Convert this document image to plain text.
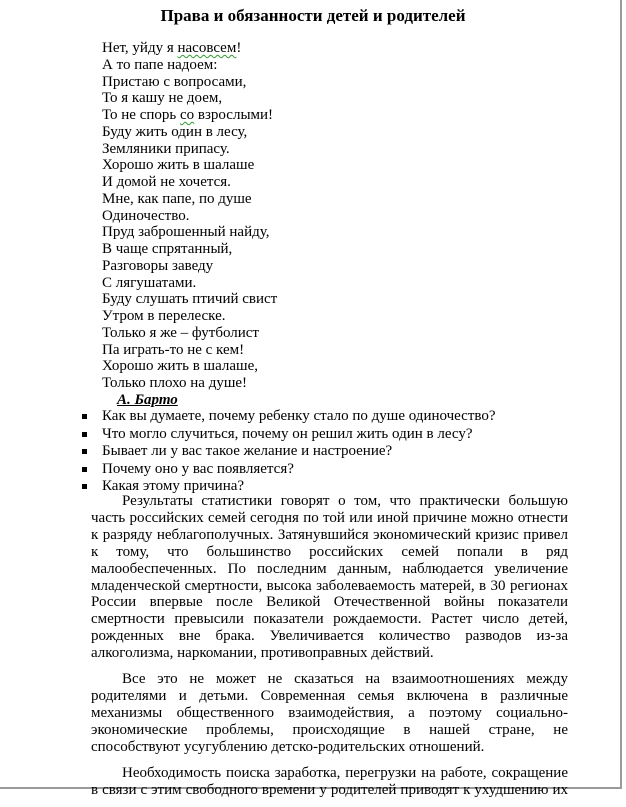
Права и обязанности детей и родителей
Нет, уйду я насовсем!
А то папе надоем:
Пристаю с вопросами,
То я кашу не доем,
То не спорь со взрослыми!
Буду жить один в лесу,
Земляники припасу.
Хорошо жить в шалаше
И домой не хочется.
Мне, как папе, по душе
Одиночество.
Пруд заброшенный найду,
В чаще спрятанный,
Разговоры заведу
С лягушатами.
Буду слушать птичий свист
Утром в перелеске.
Только я же – футболист
Па играть-то не с кем!
Хорошо жить в шалаше,
Только плохо на душе!
А. Барто
Как вы думаете, почему ребенку стало по душе одиночество?
Что могло случиться, почему он решил жить один в лесу?
Бывает ли у вас такое желание и настроение?
Почему оно у вас появляется?
Какая этому причина?

Результаты статистики говорят о том, что практически большую часть российских семей сегодня по той или иной причине можно отнести к разряду неблагополучных. Затянувшийся экономический кризис привел к тому, что большинство российских семей попали в ряд малообеспеченных. По последним данным, наблюдается увеличение младенческой смертности, высока заболеваемость матерей, в 30 регионах России впервые после Великой Отечественной войны показатели смертности превысили показатели рождаемости. Растет число детей, рожденных вне брака. Увеличивается количество разводов из-за алкоголизма, наркомании, противоправных действий.

Все это не может не сказаться на взаимоотношениях между родителями и детьми. Современная семья включена в различные механизмы общественного взаимодействия, а поэтому социально-экономические проблемы, происходящие в нашей стране, не способствуют усугублению детско-родительских отношений.

Необходимость поиска заработка, перегрузки на работе, сокращение в связи с этим свободного времени у родителей приводят к ухудшению их
